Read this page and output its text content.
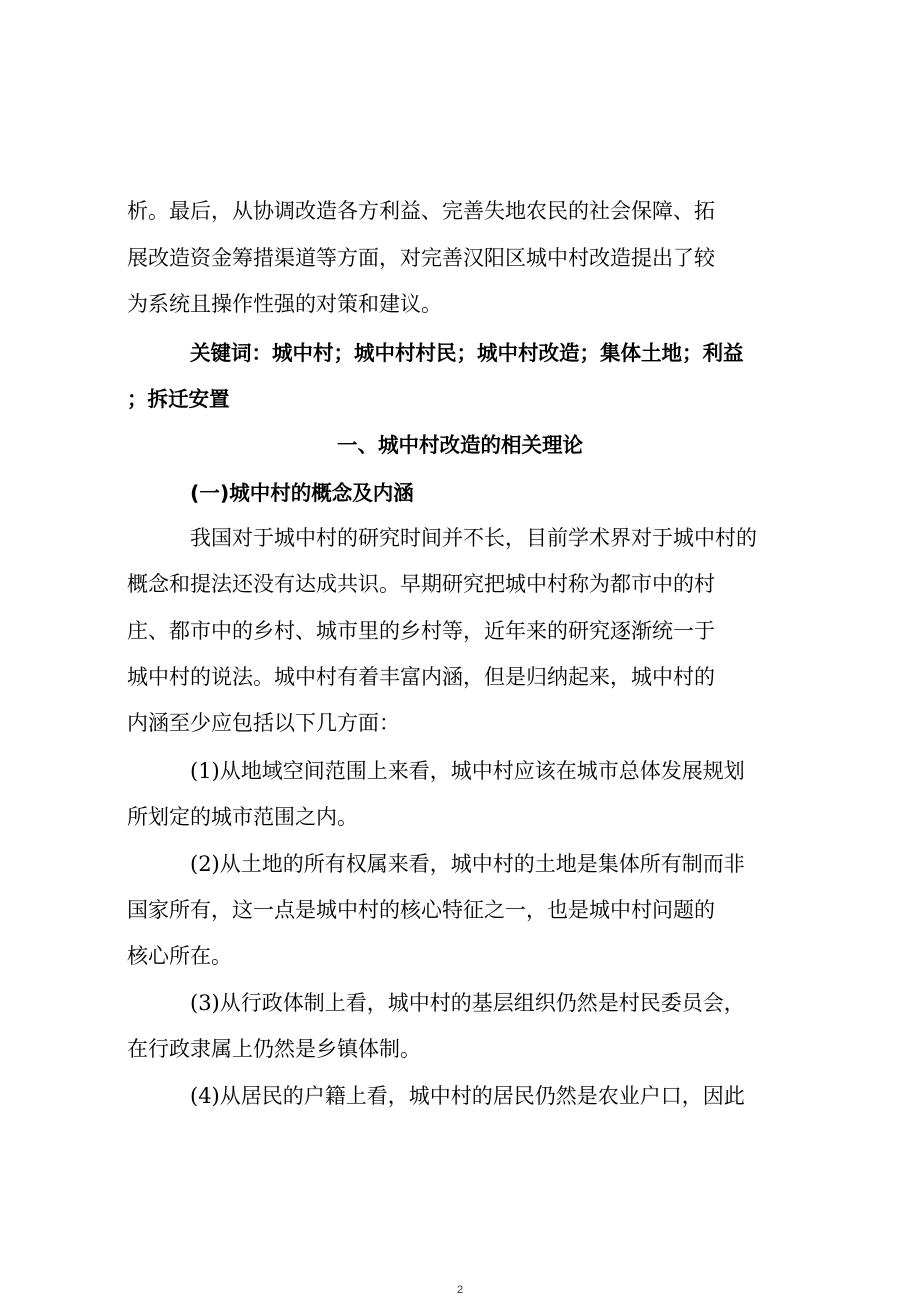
析。最后，从协调改造各方利益、完善失地农民的社会保障、拓
展改造资金筹措渠道等方面，对完善汉阳区城中村改造提出了较
为系统且操作性强的对策和建议。
关键词：城中村；城中村村民；城中村改造；集体土地；利益
；拆迁安置
一、城中村改造的相关理论
(一)城中村的概念及内涵
我国对于城中村的研究时间并不长，目前学术界对于城中村的
概念和提法还没有达成共识。早期研究把城中村称为都市中的村
庄、都市中的乡村、城市里的乡村等，近年来的研究逐渐统一于
城中村的说法。城中村有着丰富内涵，但是归纳起来，城中村的
内涵至少应包括以下几方面：
(1)从地域空间范围上来看，城中村应该在城市总体发展规划
所划定的城市范围之内。
(2)从土地的所有权属来看，城中村的土地是集体所有制而非
国家所有，这一点是城中村的核心特征之一，也是城中村问题的
核心所在。
(3)从行政体制上看，城中村的基层组织仍然是村民委员会，
在行政隶属上仍然是乡镇体制。
(4)从居民的户籍上看，城中村的居民仍然是农业户口，因此
2
